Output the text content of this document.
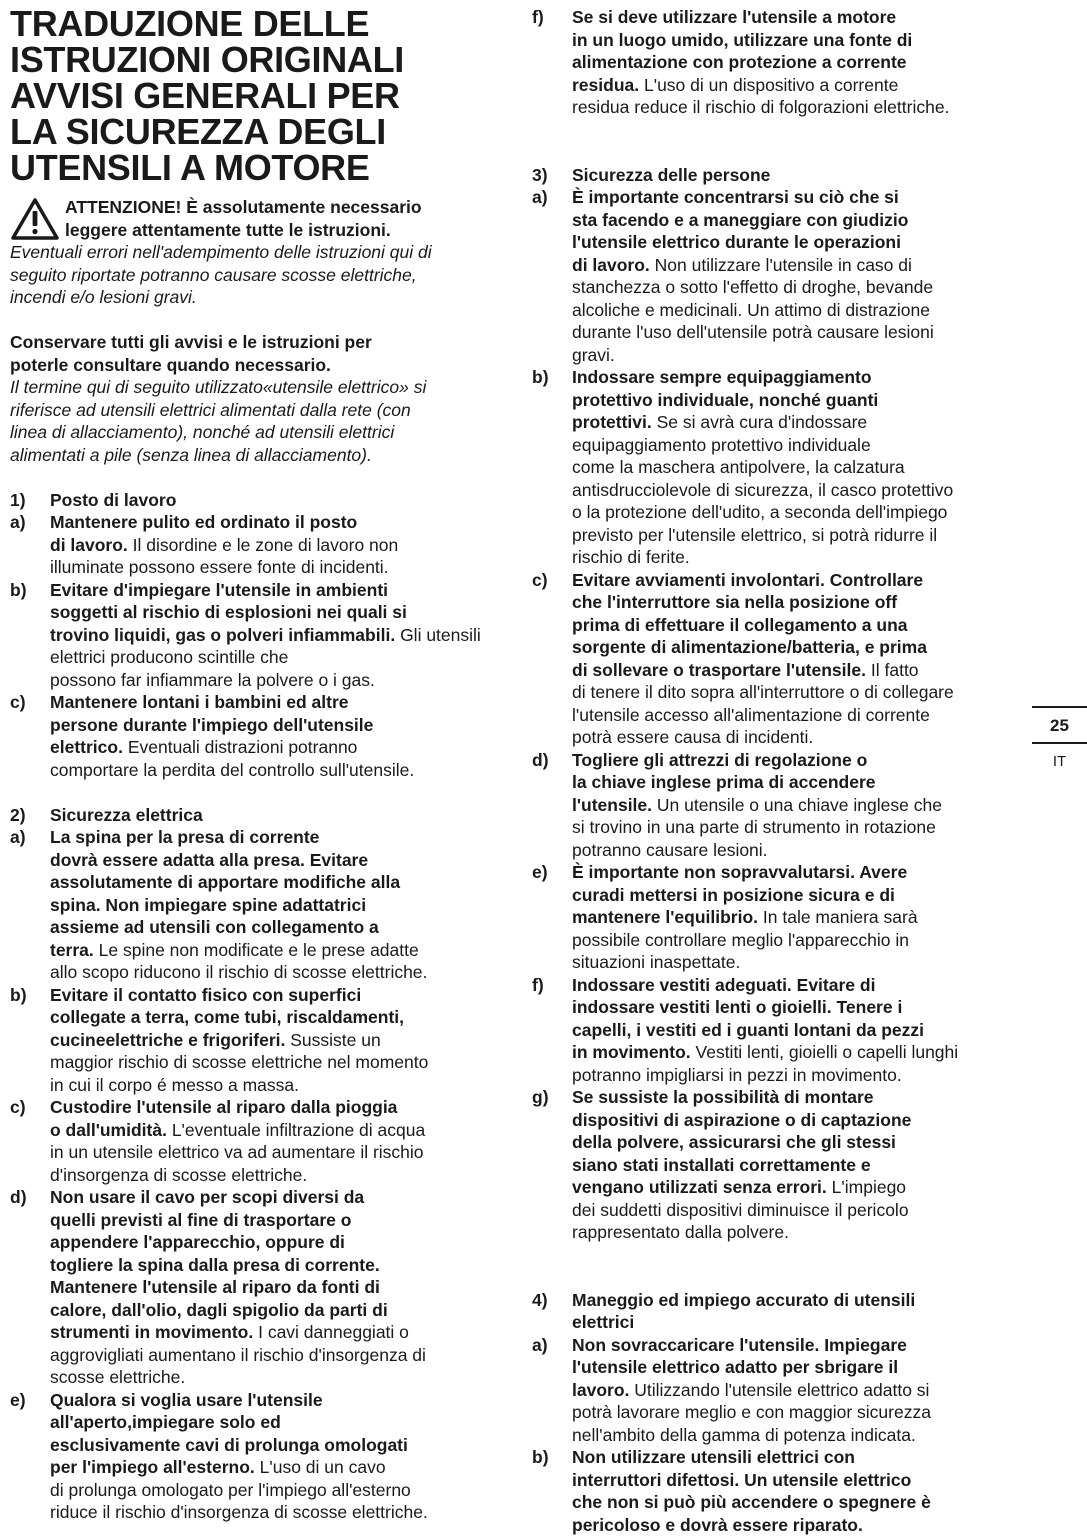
TRADUZIONE DELLE
ISTRUZIONI ORIGINALI
AVVISI GENERALI PER
LA SICUREZZA DEGLI
UTENSILI A MOTORE
ATTENZIONE! È assolutamente necessario
leggere attentamente tutte le istruzioni.
Eventuali errori nell'adempimento delle istruzioni qui di
seguito riportate potranno causare scosse elettriche,
incendi e/o lesioni gravi.
Conservare tutti gli avvisi e le istruzioni per
poterle consultare quando necessario.
Il termine qui di seguito utilizzato«utensile elettrico» si
riferisce ad utensili elettrici alimentati dalla rete (con
linea di allacciamento), nonché ad utensili elettrici
alimentati a pile (senza linea di allacciamento).
1) Posto di lavoro
a) Mantenere pulito ed ordinato il posto
di lavoro. Il disordine e le zone di lavoro non
illuminate possono essere fonte di incidenti.
b) Evitare d'impiegare l'utensile in ambienti
soggetti al rischio di esplosioni nei quali si
trovino liquidi, gas o polveri infiammabili. Gli utensili elettrici producono scintille che
possono far infiammare la polvere o i gas.
c) Mantenere lontani i bambini ed altre
persone durante l'impiego dell'utensile
elettrico. Eventuali distrazioni potranno
comportare la perdita del controllo sull'utensile.
2) Sicurezza elettrica
a) La spina per la presa di corrente
dovrà essere adatta alla presa. Evitare
assolutamente di apportare modifiche alla
spina. Non impiegare spine adattatrici
assieme ad utensili con collegamento a
terra. Le spine non modificate e le prese adatte
allo scopo riducono il rischio di scosse elettriche.
b) Evitare il contatto fisico con superfici
collegate a terra, come tubi, riscaldamenti,
cucineelettriche e frigoriferi. Sussiste un
maggior rischio di scosse elettriche nel momento
in cui il corpo é messo a massa.
c) Custodire l'utensile al riparo dalla pioggia
o dall'umidità. L'eventuale infiltrazione di acqua
in un utensile elettrico va ad aumentare il rischio
d'insorgenza di scosse elettriche.
d) Non usare il cavo per scopi diversi da
quelli previsti al fine di trasportare o
appendere l'apparecchio, oppure di
togliere la spina dalla presa di corrente.
Mantenere l'utensile al riparo da fonti di
calore, dall'olio, dagli spigolio da parti di
strumenti in movimento. I cavi danneggiati o
aggrovigliati aumentano il rischio d'insorgenza di
scosse elettriche.
e) Qualora si voglia usare l'utensile
all'aperto,impiegare solo ed
esclusivamente cavi di prolunga omologati
per l'impiego all'esterno. L'uso di un cavo
di prolunga omologato per l'impiego all'esterno
riduce il rischio d'insorgenza di scosse elettriche.
f) Se si deve utilizzare l'utensile a motore
in un luogo umido, utilizzare una fonte di
alimentazione con protezione a corrente
residua. L'uso di un dispositivo a corrente
residua reduce il rischio di folgorazioni elettriche.
3) Sicurezza delle persone
a) È importante concentrarsi su ciò che si
sta facendo e a maneggiare con giudizio
l'utensile elettrico durante le operazioni
di lavoro. Non utilizzare l'utensile in caso di
stanchezza o sotto l'effetto di droghe, bevande
alcoliche e medicinali. Un attimo di distrazione
durante l'uso dell'utensile potrà causare lesioni
gravi.
b) Indossare sempre equipaggiamento
protettivo individuale, nonché guanti
protettivi. Se si avrà cura d'indossare
equipaggiamento protettivo individuale
come la maschera antipolvere, la calzatura
antisdrucciolevole di sicurezza, il casco protettivo
o la protezione dell'udito, a seconda dell'impiego
previsto per l'utensile elettrico, si potrà ridurre il
rischio di ferite.
c) Evitare avviamenti involontari. Controllare
che l'interruttore sia nella posizione off
prima di effettuare il collegamento a una
sorgente di alimentazione/batteria, e prima
di sollevare o trasportare l'utensile. Il fatto
di tenere il dito sopra all'interruttore o di collegare
l'utensile accesso all'alimentazione di corrente
potrà essere causa di incidenti.
d) Togliere gli attrezzi di regolazione o
la chiave inglese prima di accendere
l'utensile. Un utensile o una chiave inglese che
si trovino in una parte di strumento in rotazione
potranno causare lesioni.
e) È importante non sopravvalutarsi. Avere
curadi mettersi in posizione sicura e di
mantenere l'equilibrio. In tale maniera sarà
possibile controllare meglio l'apparecchio in
situazioni inaspettate.
f) Indossare vestiti adeguati. Evitare di
indossare vestiti lenti o gioielli. Tenere i
capelli, i vestiti ed i guanti lontani da pezzi
in movimento. Vestiti lenti, gioielli o capelli lunghi
potranno impigliarsi in pezzi in movimento.
g) Se sussiste la possibilità di montare
dispositivi di aspirazione o di captazione
della polvere, assicurarsi che gli stessi
siano stati installati correttamente e
vengano utilizzati senza errori. L'impiego
dei suddetti dispositivi diminuisce il pericolo
rappresentato dalla polvere.
4) Maneggio ed impiego accurato di utensili
elettrici
a) Non sovraccaricare l'utensile. Impiegare
l'utensile elettrico adatto per sbrigare il
lavoro. Utilizzando l'utensile elettrico adatto si
potrà lavorare meglio e con maggior sicurezza
nell'ambito della gamma di potenza indicata.
b) Non utilizzare utensili elettrici con
interruttori difettosi. Un utensile elettrico
che non si può più accendere o spegnere è
pericoloso e dovrà essere riparato.
25
IT
